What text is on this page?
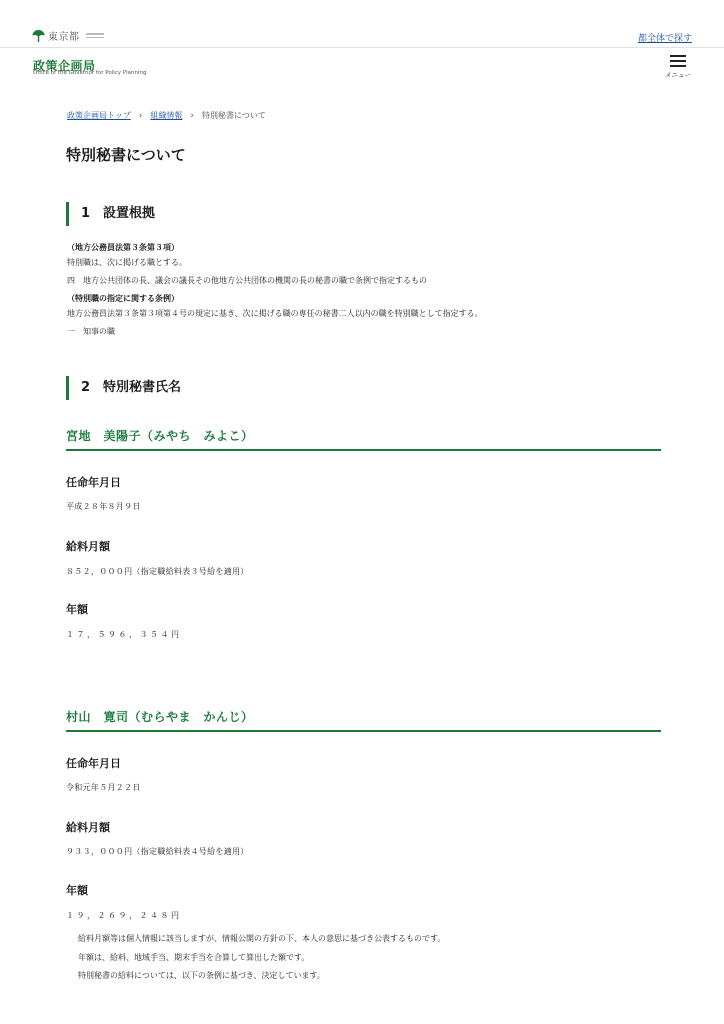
東京都	都全体で探す
政策企画局
Office of the Governor for Policy Planning	メニュー
政策企画局トップ › 組織情報 › 特別秘書について
特別秘書について
1　設置根拠
（地方公務員法第３条第３項）
特別職は、次に掲げる職とする。
四　地方公共団体の長、議会の議長その他地方公共団体の機関の長の秘書の職で条例で指定するもの
（特別職の指定に関する条例）
地方公務員法第３条第３項第４号の規定に基き、次に掲げる職の専任の秘書二人以内の職を特別職として指定する。
一　知事の職
2　特別秘書氏名
宮地　美陽子（みやち　みよこ）
任命年月日
平成２８年８月９日
給料月額
８５２，０００円（指定職給料表３号給を適用）
年額
１７，５９６，３５４円
村山　寛司（むらやま　かんじ）
任命年月日
令和元年５月２２日
給料月額
９３３，０００円（指定職給料表４号給を適用）
年額
１９，２６９，２４８円
給料月額等は個人情報に該当しますが、情報公開の方針の下、本人の意思に基づき公表するものです。
年額は、給料、地域手当、期末手当を合算して算出した額です。
特別秘書の給料については、以下の条例に基づき、決定しています。
